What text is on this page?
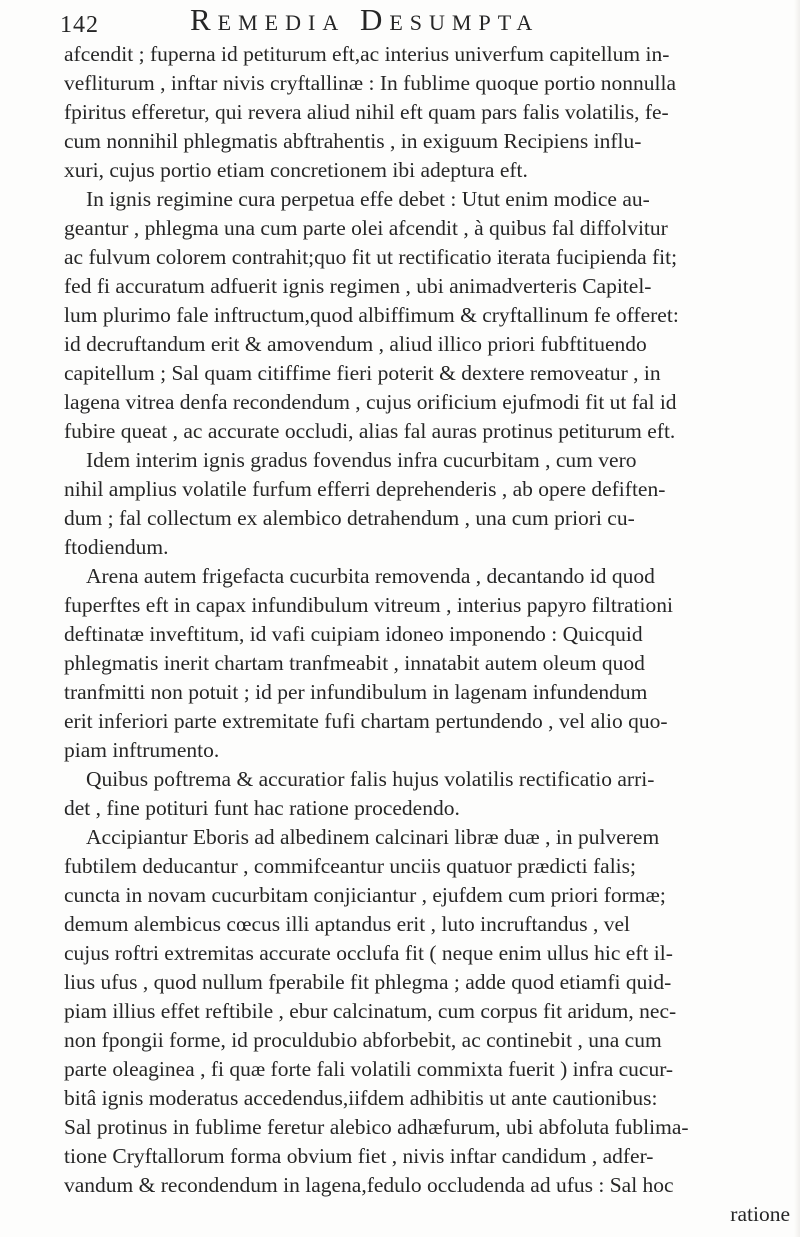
142	Remedia Desumpta
afcendit ; fuperna id petiturum eft,ac interius univerfum capitellum in-
vefliturum , inftar nivis cryftallinæ : In fublime quoque portio nonnulla
fpiritus efferetur, qui revera aliud nihil eft quam pars falis volatilis, fe-
cum nonnihil phlegmatis abftrahentis , in exiguum Recipiens influ-
xuri, cujus portio etiam concretionem ibi adeptura eft.
In ignis regimine cura perpetua effe debet : Utut enim modice au-
geantur , phlegma una cum parte olei afcendit , à quibus fal diffolvitur
ac fulvum colorem contrahit;quo fit ut rectificatio iterata fucipienda fit;
fed fi accuratum adfuerit ignis regimen , ubi animadverteris Capitel-
lum plurimo fale inftructum,quod albiffimum & cryftallinum fe offeret:
id decruftandum erit & amovendum , aliud illico priori fubftituendo
capitellum ; Sal quam citiffime fieri poterit & dextere removeatur , in
lagena vitrea denfa recondendum , cujus orificium ejufmodi fit ut fal id
fubire queat , ac accurate occludi, alias fal auras protinus petiturum eft.
Idem interim ignis gradus fovendus infra cucurbitam , cum vero
nihil amplius volatile furfum efferri deprehenderis , ab opere defiften-
dum ; fal collectum ex alembico detrahendum , una cum priori cu-
ftodiendum.
Arena autem frigefacta cucurbita removenda , decantando id quod
fuperftes eft in capax infundibulum vitreum , interius papyro filtrationi
deftinatæ inveftitum, id vafi cuipiam idoneo imponendo : Quicquid
phlegmatis inerit chartam tranfmeabit , innatabit autem oleum quod
tranfmitti non potuit ; id per infundibulum in lagenam infundendum
erit inferiori parte extremitate fufi chartam pertundendo , vel alio quo-
piam inftrumento.
Quibus poftrema & accuratior falis hujus volatilis rectificatio arri-
det , fine potituri funt hac ratione procedendo.
Accipiantur Eboris ad albedinem calcinari libræ duæ , in pulverem
fubtilem deducantur , commifceantur unciis quatuor prædicti falis;
cuncta in novam cucurbitam conjiciantur , ejufdem cum priori formæ;
demum alembicus cœcus illi aptandus erit , luto incruftandus , vel
cujus roftri extremitas accurate occlufa fit ( neque enim ullus hic eft il-
lius ufus , quod nullum fperabile fit phlegma ; adde quod etiamfi quid-
piam illius effet reftibile , ebur calcinatum, cum corpus fit aridum, nec-
non fpongii forme, id proculdubio abforbebit, ac continebit , una cum
parte oleaginea , fi quæ forte fali volatili commixta fuerit ) infra cucur-
bitâ ignis moderatus accedendus,iifdem adhibitis ut ante cautionibus:
Sal protinus in fublime feretur alebico adhæfurum, ubi abfoluta fublima-
tione Cryftallorum forma obvium fiet , nivis inftar candidum , adfer-
vandum & recondendum in lagena,fedulo occludenda ad ufus : Sal hoc
ratione
